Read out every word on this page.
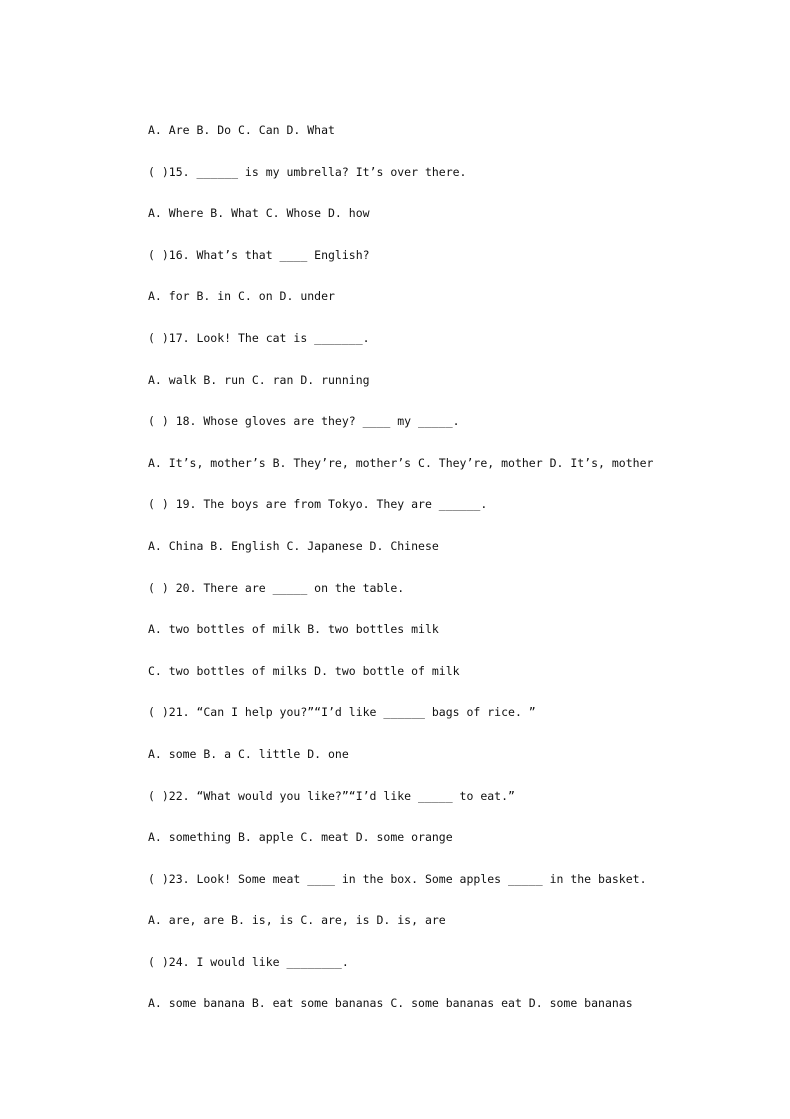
A. Are B. Do C. Can D. What
( )15. ______ is my umbrella? It’s over there.
A. Where B. What C. Whose D. how
( )16. What’s that ____ English?
A. for B. in C. on D. under
( )17. Look! The cat is _______.
A. walk B. run C. ran D. running
( ) 18. Whose gloves are they? ____ my _____.
A. It’s, mother’s B. They’re, mother’s C. They’re, mother D. It’s, mother
( ) 19. The boys are from Tokyo. They are ______.
A. China B. English C. Japanese D. Chinese
( ) 20. There are _____ on the table.
A. two bottles of milk B. two bottles milk
C. two bottles of milks D. two bottle of milk
( )21. “Can I help you?”“I’d like ______ bags of rice. ”
A. some B. a C. little D. one
( )22. “What would you like?”“I’d like _____ to eat.”
A. something B. apple C. meat D. some orange
( )23. Look! Some meat ____ in the box. Some apples _____ in the basket.
A. are, are B. is, is C. are, is D. is, are
( )24. I would like ________.
A. some banana B. eat some bananas C. some bananas eat D. some bananas
